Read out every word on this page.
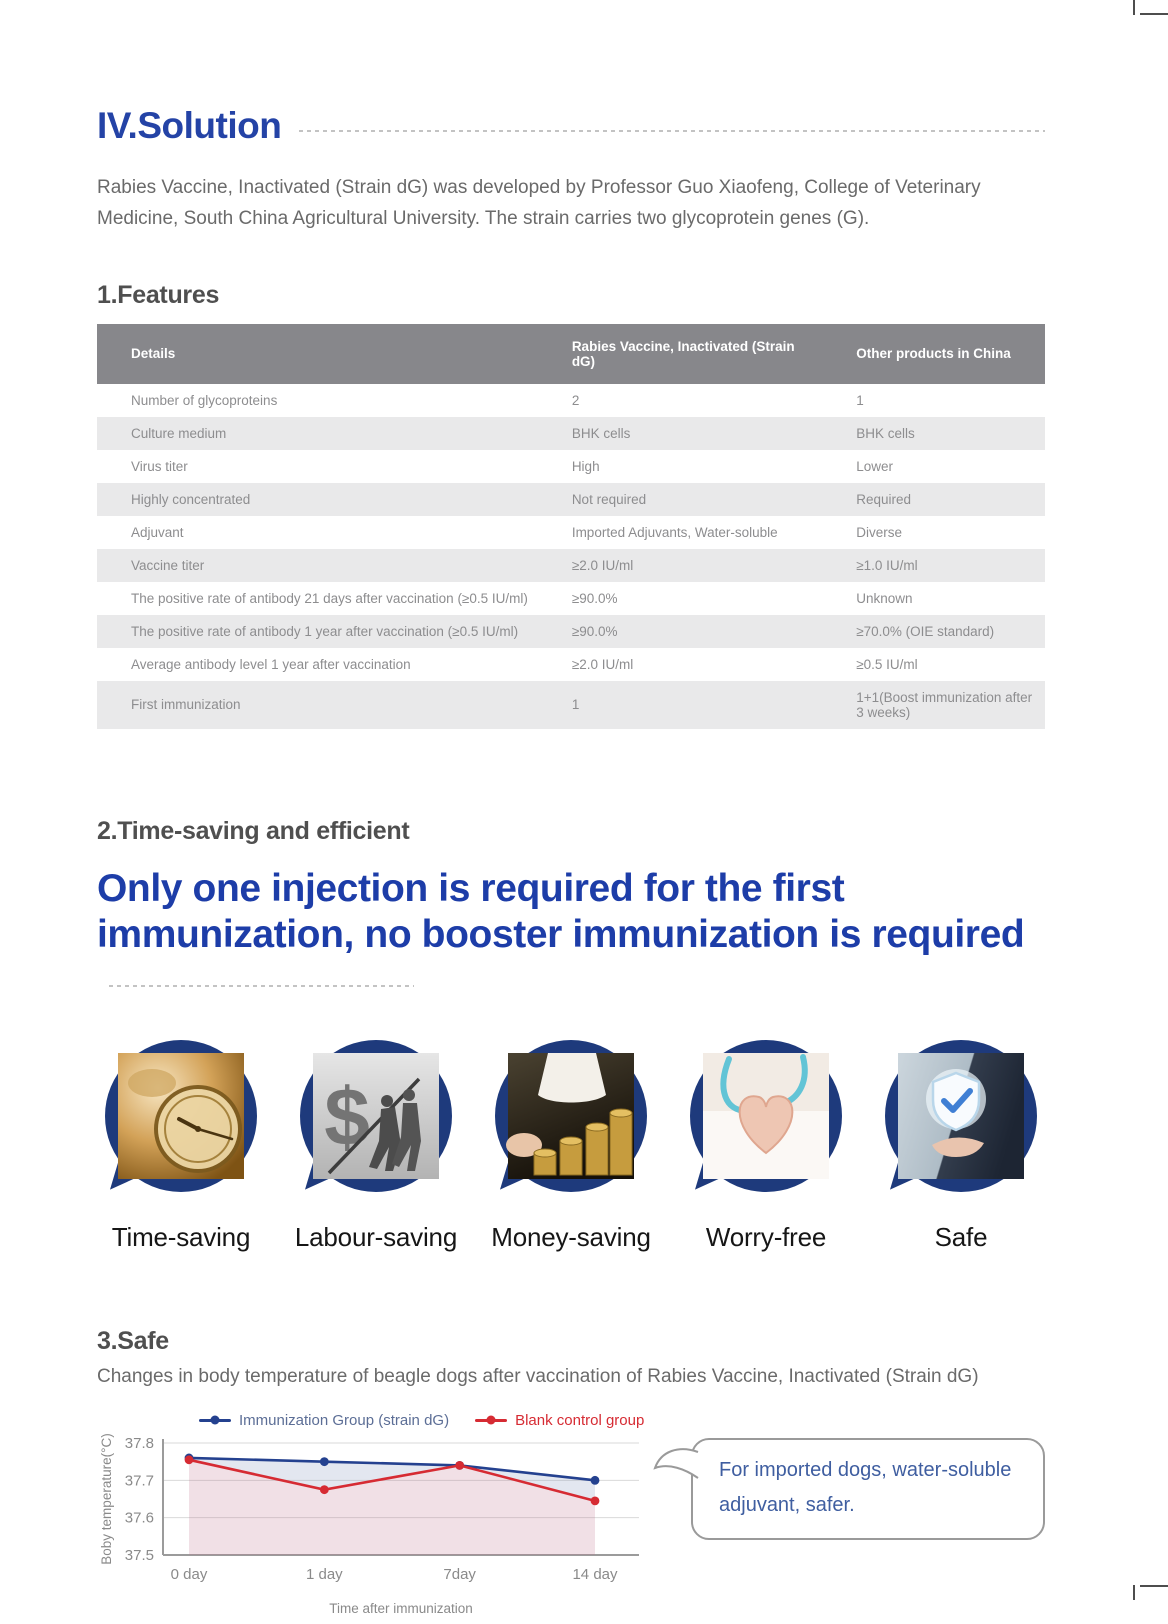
IV.Solution

Rabies Vaccine, Inactivated (Strain dG) was developed by Professor Guo Xiaofeng, College of Veterinary Medicine, South China Agricultural University. The strain carries two glycoprotein genes (G).

1.Features
Details	Rabies Vaccine, Inactivated (Strain dG)	Other products in China
Number of glycoproteins	2	1
Culture medium	BHK cells	BHK cells
Virus titer	High	Lower
Highly concentrated	Not required	Required
Adjuvant	Imported Adjuvants, Water-soluble	Diverse
Vaccine titer	≥2.0 IU/ml	≥1.0 IU/ml
The positive rate of antibody 21 days after vaccination (≥0.5 IU/ml)	≥90.0%	Unknown
The positive rate of antibody 1 year after vaccination (≥0.5 IU/ml)	≥90.0%	≥70.0% (OIE standard)
Average antibody level 1 year after vaccination	≥2.0 IU/ml	≥0.5 IU/ml
First immunization	1	1+1(Boost immunization after 3 weeks)
2.Time-saving and efficient
Only one injection is required for the first immunization, no booster immunization is required
Time-saving
$
Labour-saving Money-saving	Worry-free	Safe
3.Safe

Changes in body temperature of beagle dogs after vaccination of Rabies Vaccine, Inactivated (Strain dG)

Immunization Group (strain dG)	Blank control group
37.5
37.6
37.7
37.8
0 day	1 day	7day	14 day
Time after immunization
Boby temperature(°C)	For imported dogs, water-soluble adjuvant, safer.
